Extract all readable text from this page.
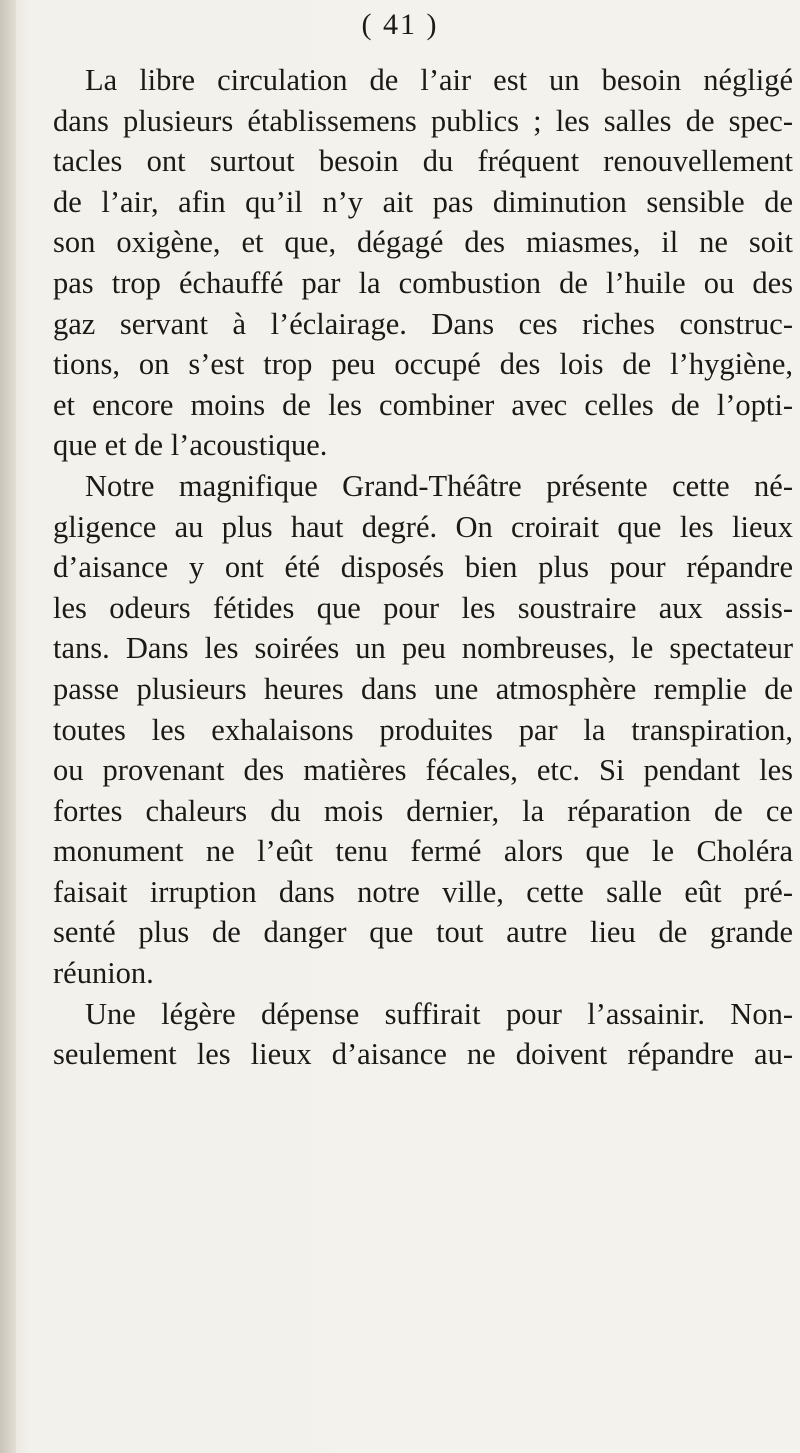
( 41 )
La libre circulation de l’air est un besoin négligé
dans plusieurs établissemens publics ; les salles de spec-
tacles ont surtout besoin du fréquent renouvellement
de l’air, afin qu’il n’y ait pas diminution sensible de
son oxigène, et que, dégagé des miasmes, il ne soit
pas trop échauffé par la combustion de l’huile ou des
gaz servant à l’éclairage. Dans ces riches construc-
tions, on s’est trop peu occupé des lois de l’hygiène,
et encore moins de les combiner avec celles de l’opti-
que et de l’acoustique.
Notre magnifique Grand-Théâtre présente cette né-
gligence au plus haut degré. On croirait que les lieux
d’aisance y ont été disposés bien plus pour répandre
les odeurs fétides que pour les soustraire aux assis-
tans. Dans les soirées un peu nombreuses, le spectateur
passe plusieurs heures dans une atmosphère remplie de
toutes les exhalaisons produites par la transpiration,
ou provenant des matières fécales, etc. Si pendant les
fortes chaleurs du mois dernier, la réparation de ce
monument ne l’eût tenu fermé alors que le Choléra
faisait irruption dans notre ville, cette salle eût pré-
senté plus de danger que tout autre lieu de grande
réunion.
Une légère dépense suffirait pour l’assainir. Non-
seulement les lieux d’aisance ne doivent répandre au-
